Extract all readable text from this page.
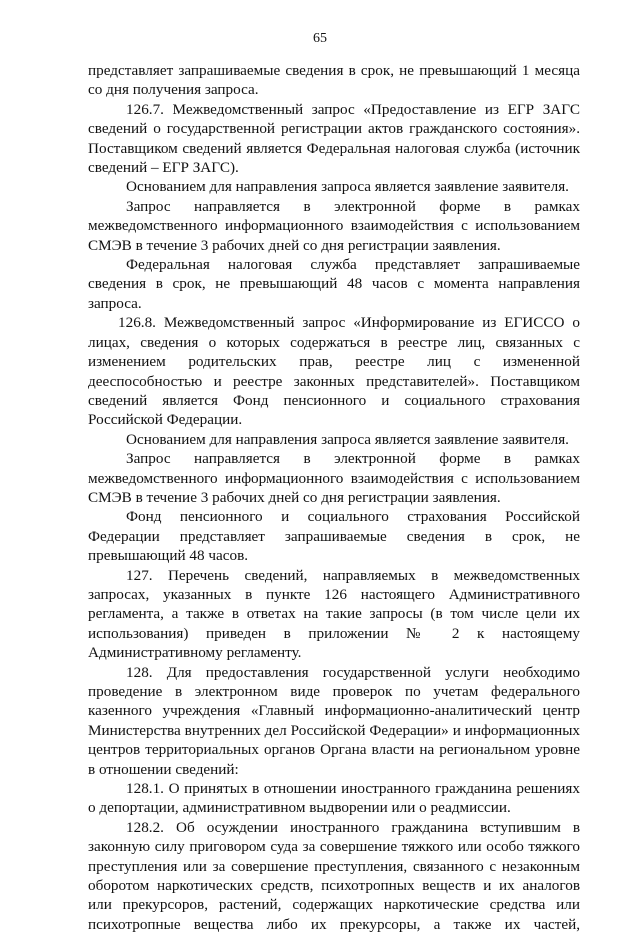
65

представляет запрашиваемые сведения в срок, не превышающий 1 месяца со дня получения запроса.

126.7. Межведомственный запрос «Предоставление из ЕГР ЗАГС сведений о государственной регистрации актов гражданского состояния». Поставщиком сведений является Федеральная налоговая служба (источник сведений – ЕГР ЗАГС).

Основанием для направления запроса является заявление заявителя.

Запрос направляется в электронной форме в рамках межведомственного информационного взаимодействия с использованием СМЭВ в течение 3 рабочих дней со дня регистрации заявления.

Федеральная налоговая служба представляет запрашиваемые сведения в срок, не превышающий 48 часов с момента направления запроса.

126.8. Межведомственный запрос «Информирование из ЕГИССО о лицах, сведения о которых содержаться в реестре лиц, связанных с изменением родительских прав, реестре лиц с измененной дееспособностью и реестре законных представителей». Поставщиком сведений является Фонд пенсионного и социального страхования Российской Федерации.

Основанием для направления запроса является заявление заявителя.

Запрос направляется в электронной форме в рамках межведомственного информационного взаимодействия с использованием СМЭВ в течение 3 рабочих дней со дня регистрации заявления.

Фонд пенсионного и социального страхования Российской Федерации представляет запрашиваемые сведения в срок, не превышающий 48 часов.

127. Перечень сведений, направляемых в межведомственных запросах, указанных в пункте 126 настоящего Административного регламента, а также в ответах на такие запросы (в том числе цели их использования) приведен в приложении № 2 к настоящему Административному регламенту.

128. Для предоставления государственной услуги необходимо проведение в электронном виде проверок по учетам федерального казенного учреждения «Главный информационно-аналитический центр Министерства внутренних дел Российской Федерации» и информационных центров территориальных органов Органа власти на региональном уровне в отношении сведений:

128.1. О принятых в отношении иностранного гражданина решениях о депортации, административном выдворении или о реадмиссии.

128.2. Об осуждении иностранного гражданина вступившим в законную силу приговором суда за совершение тяжкого или особо тяжкого преступления или за совершение преступления, связанного с незаконным оборотом наркотических средств, психотропных веществ и их аналогов или прекурсоров, растений, содержащих наркотические средства или психотропные вещества либо их прекурсоры, а также их частей,
